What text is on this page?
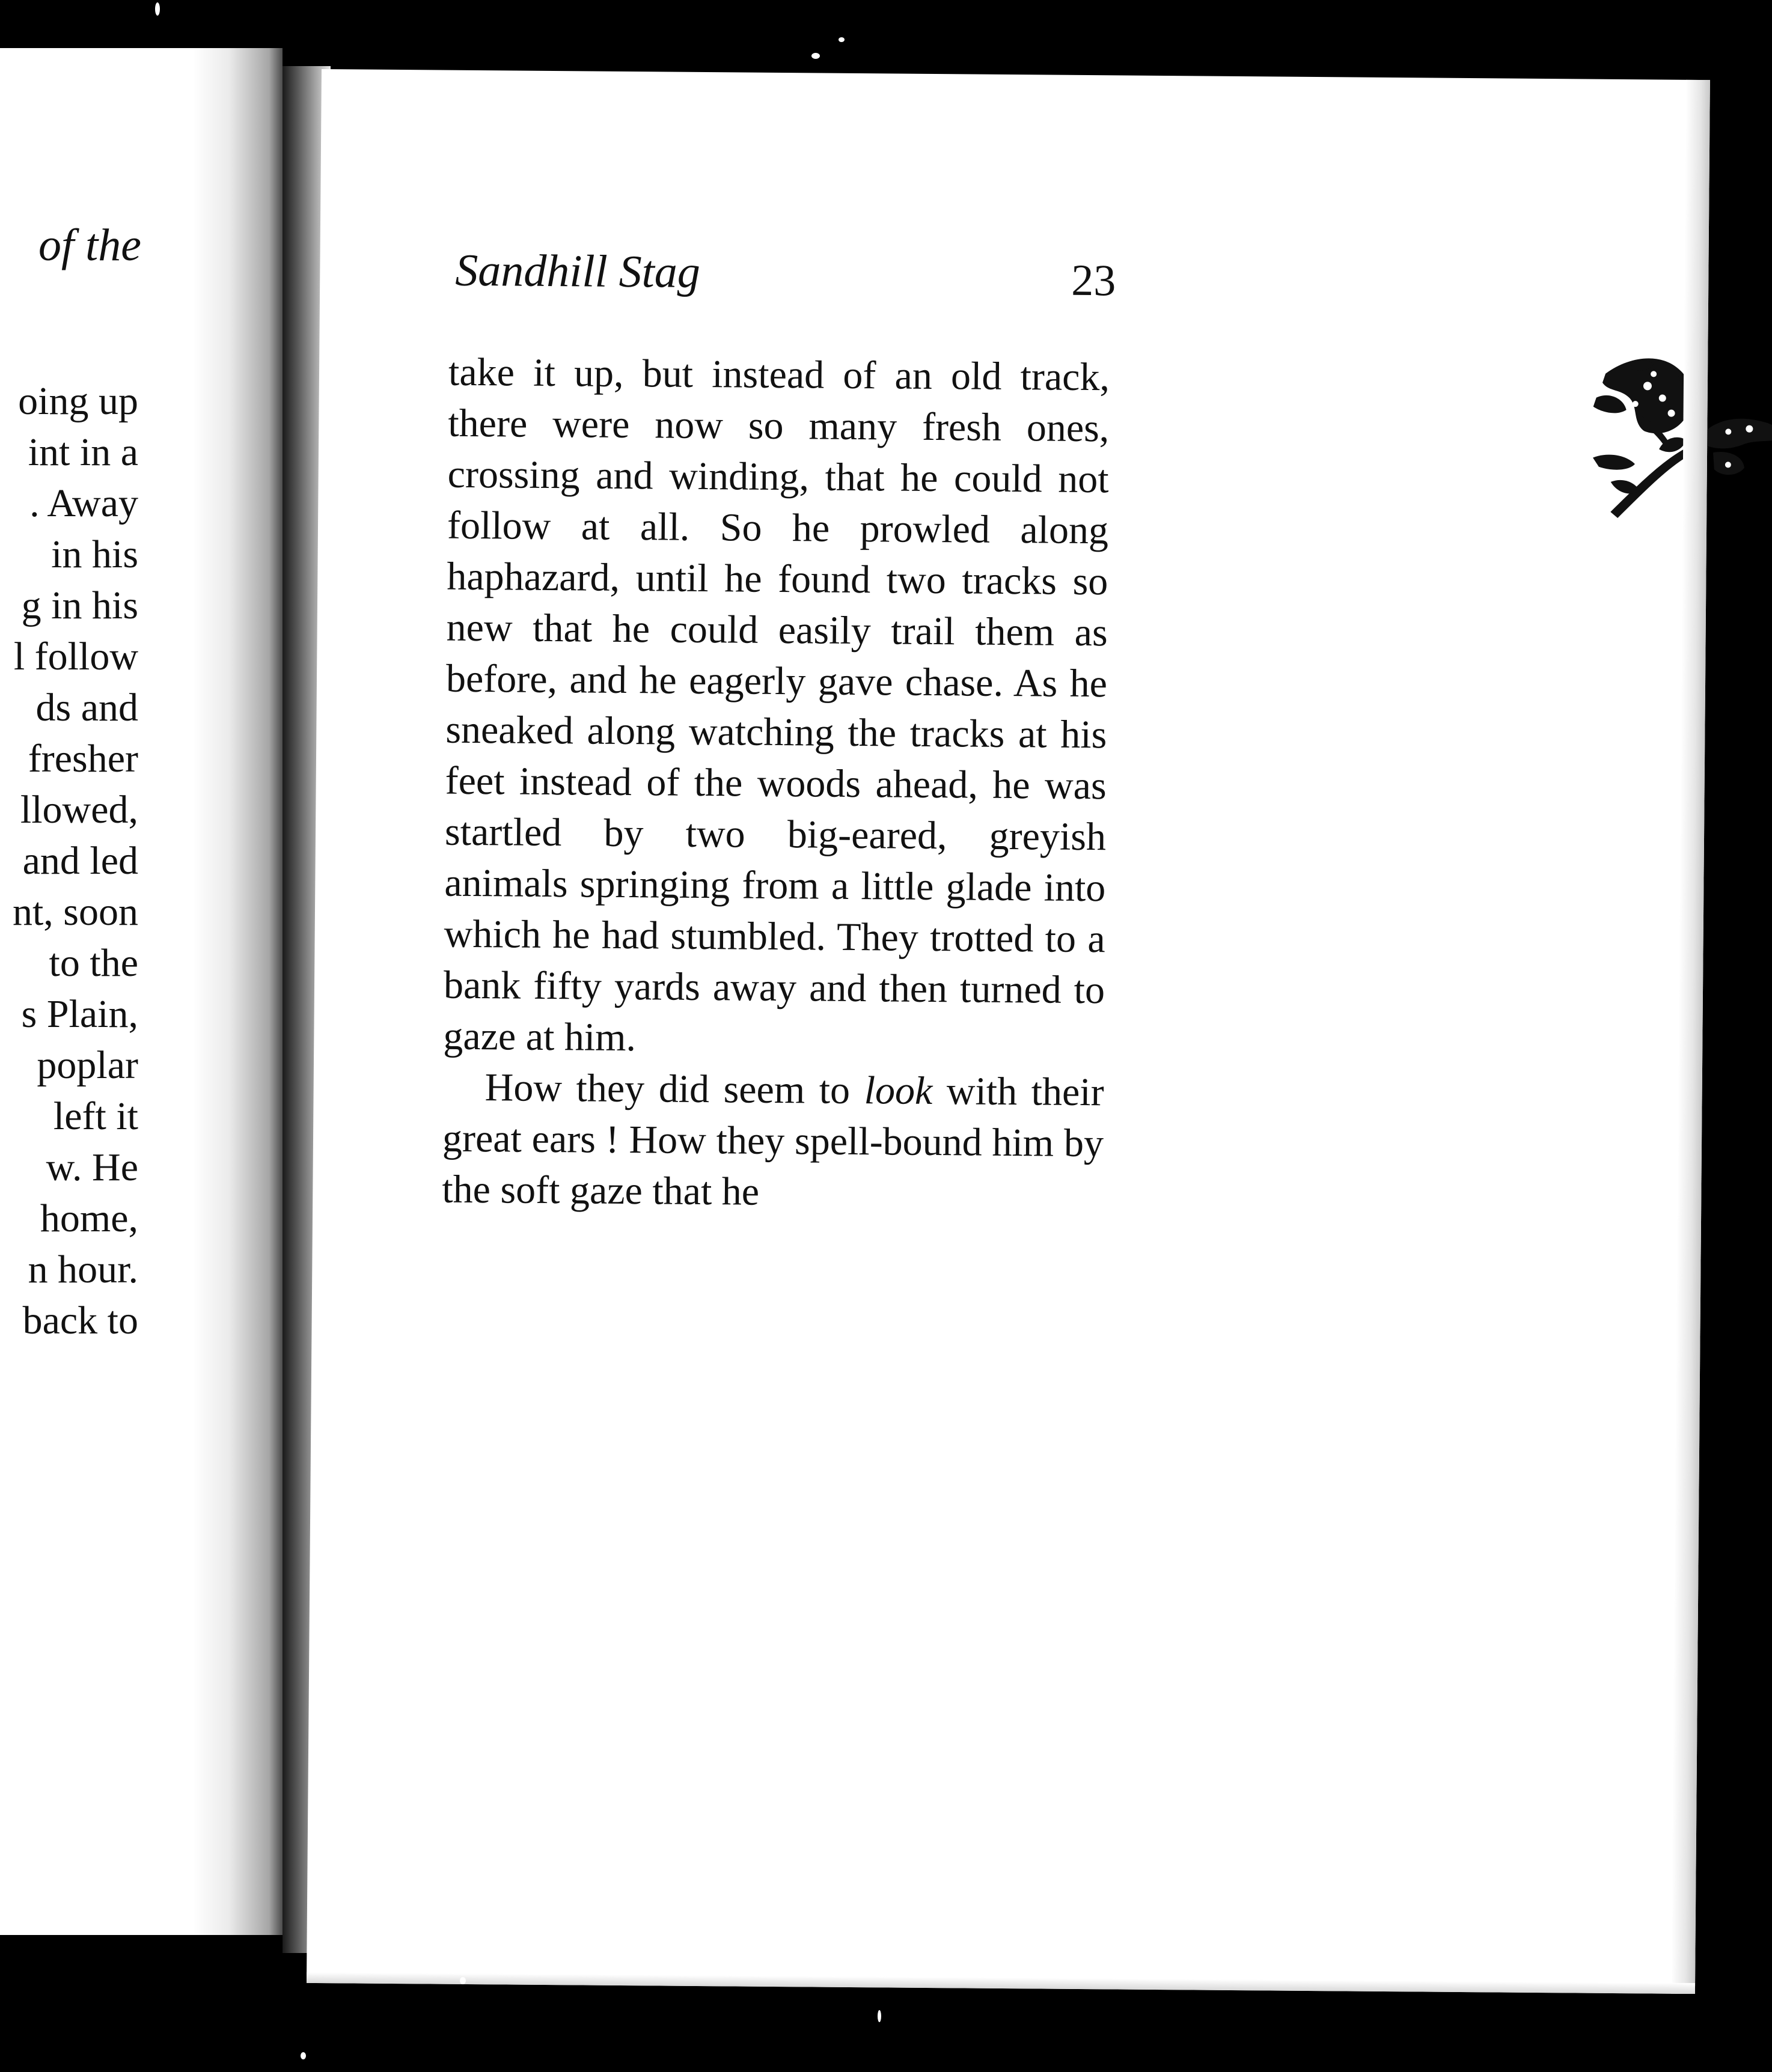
of the
oing up
int in a
. Away
in his
g in his
l follow
ds and
fresher
llowed,
and led
nt, soon
to the
s Plain,
poplar
left it
w. He
home,
n hour.
back to
Sandhill Stag	23

take it up, but instead of an old track, there were now so many fresh ones, crossing and winding, that he could not follow at all. So he prowled along haphazard, until he found two tracks so new that he could easily trail them as before, and he eagerly gave chase. As he sneaked along watching the tracks at his feet instead of the woods ahead, he was startled by two big-eared, greyish animals springing from a little glade into which he had stumbled. They trotted to a bank fifty yards away and then turned to gaze at him.

How they did seem to look with their great ears ! How they spell-bound him by the soft gaze that he
